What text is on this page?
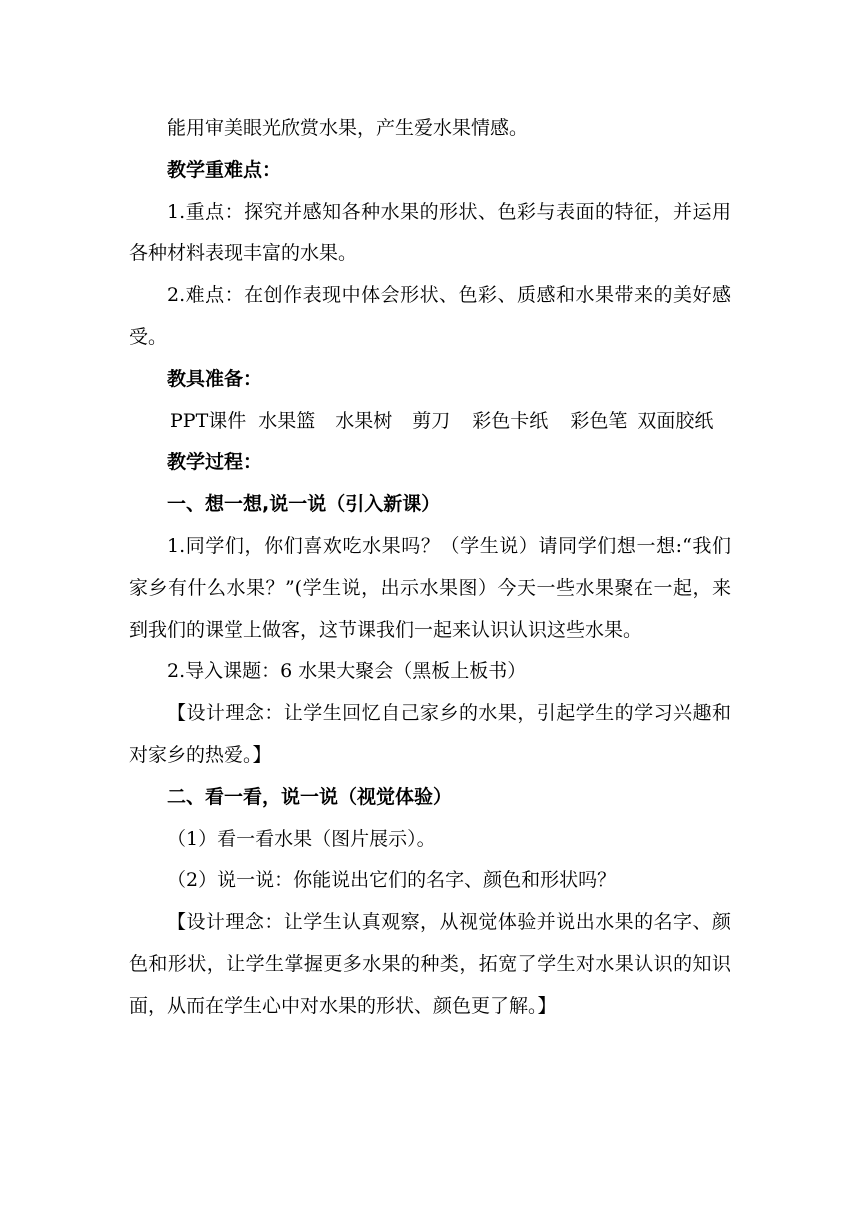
能用审美眼光欣赏水果，产生爱水果情感。

教学重难点：

1.重点：探究并感知各种水果的形状、色彩与表面的特征，并运用各种材料表现丰富的水果。

2.难点：在创作表现中体会形状、色彩、质感和水果带来的美好感受。

教具准备：

PPT课件 水果篮 水果树 剪刀 彩色卡纸 彩色笔 双面胶纸

教学过程：

一、想一想,说一说（引入新课）

1.同学们，你们喜欢吃水果吗？（学生说）请同学们想一想:“我们家乡有什么水果？”(学生说，出示水果图）今天一些水果聚在一起，来到我们的课堂上做客，这节课我们一起来认识认识这些水果。

2.导入课题：6 水果大聚会（黑板上板书）

【设计理念：让学生回忆自己家乡的水果，引起学生的学习兴趣和对家乡的热爱。】

二、看一看，说一说（视觉体验）

（1）看一看水果（图片展示）。

（2）说一说：你能说出它们的名字、颜色和形状吗？

【设计理念：让学生认真观察，从视觉体验并说出水果的名字、颜色和形状，让学生掌握更多水果的种类，拓宽了学生对水果认识的知识面，从而在学生心中对水果的形状、颜色更了解。】
